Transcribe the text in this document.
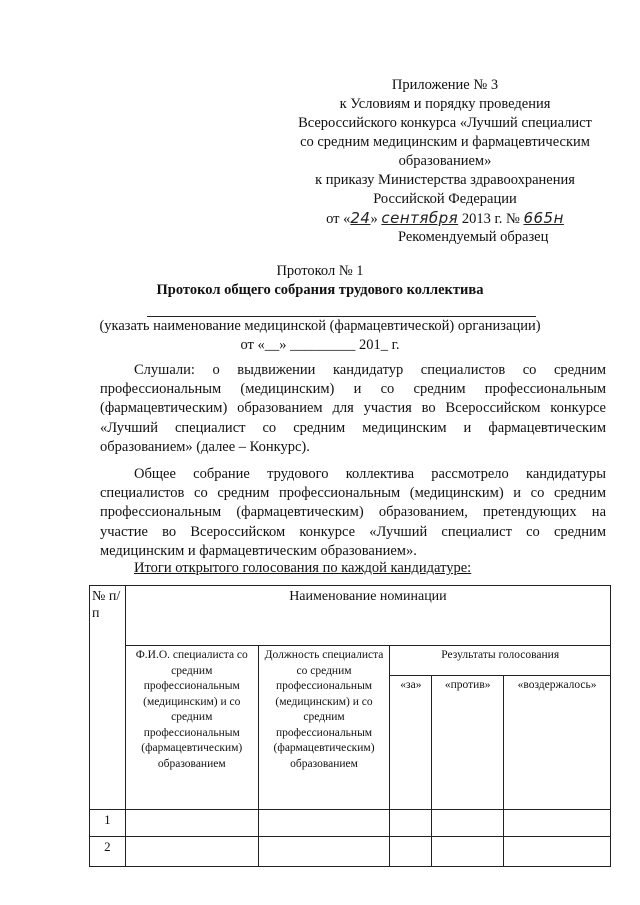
Приложение № 3
к Условиям и порядку проведения
Всероссийского конкурса «Лучший специалист
со средним медицинским и фармацевтическим
образованием»
к приказу Министерства здравоохранения
Российской Федерации
от «24» сентября 2013 г. № 665н
Рекомендуемый образец
Протокол № 1
Протокол общего собрания трудового коллектива
(указать наименование медицинской (фармацевтической) организации)
от «__» _________ 201_ г.

Слушали: о выдвижении кандидатур специалистов со средним профессиональным (медицинским) и со средним профессиональным (фармацевтическим) образованием для участия во Всероссийском конкурсе «Лучший специалист со средним медицинским и фармацевтическим образованием» (далее – Конкурс).

Общее собрание трудового коллектива рассмотрело кандидатуры специалистов со средним профессиональным (медицинским) и со средним профессиональным (фармацевтическим) образованием, претендующих на участие во Всероссийском конкурсе «Лучший специалист со средним медицинским и фармацевтическим образованием».

Итоги открытого голосования по каждой кандидатуре:
№ п/п	Наименование номинации				
	Ф.И.О. специалиста со средним профессиональным (медицинским) и со средним профессиональным (фармацевтическим) образованием	Должность специалиста со средним профессиональным (медицинским) и со средним профессиональным (фармацевтическим) образованием	Результаты голосования		
			«за»	«против»	«воздержалось»
1					
2					
